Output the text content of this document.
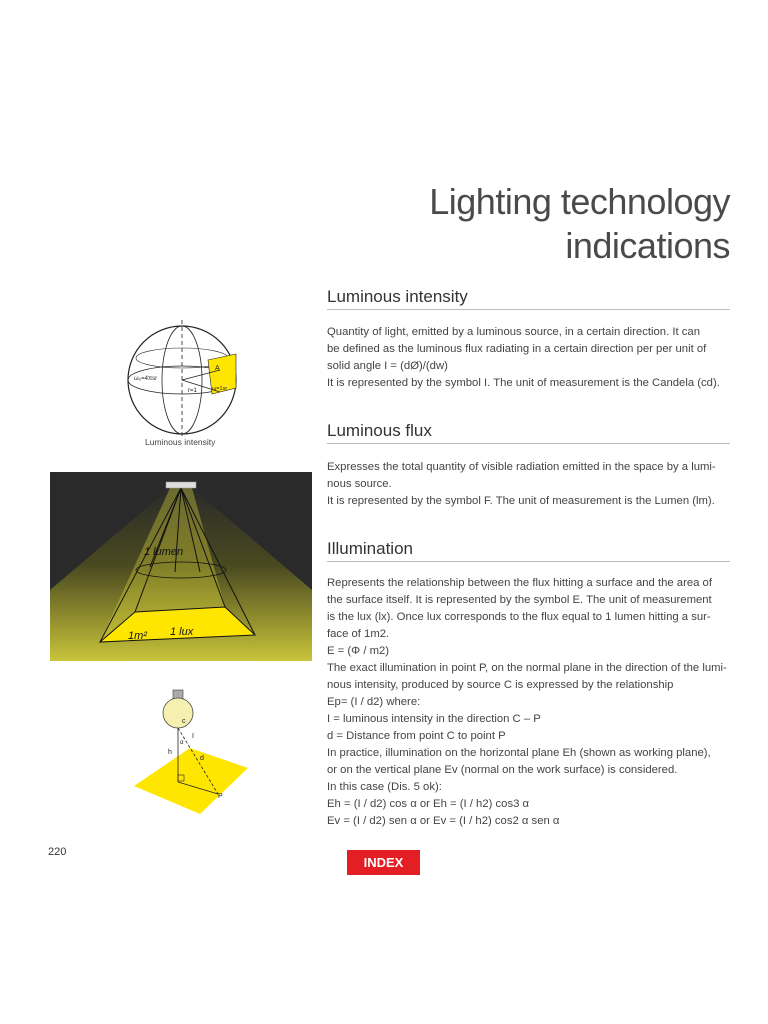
Lighting technology
indications
Luminous intensity
Quantity of light, emitted by a luminous source, in a certain direction. It can
be defined as the luminous flux radiating in a certain direction per per unit of
solid angle I = (dØ)/(dw)
It is represented by the symbol I. The unit of measurement is the Candela (cd).
Luminous flux
Expresses the total quantity of visible radiation emitted in the space by a lumi-
nous source.
It is represented by the symbol F. The unit of measurement is the Lumen (lm).
Illumination
Represents the relationship between the flux hitting a surface and the area of
the surface itself. It is represented by the symbol E. The unit of measurement
is the lux (lx). Once lux corresponds to the flux equal to 1 lumen hitting a sur-
face of 1m2.
E = (Φ / m2)
The exact illumination in point P, on the normal plane in the direction of the lumi-
nous intensity, produced by source C is expressed by the relationship
Ep= (I / d2) where:
I = luminous intensity in the direction C – P
d = Distance from point C to point P
In practice, illumination on the horizontal plane Eh (shown as working plane),
or on the vertical plane Ev (normal on the work surface) is considered.
In this case (Dis. 5 ok):
Eh = (I / d2) cos α or Eh = (I / h2) cos3 α
Ev = (I / d2) sen α or Ev = (I / h2) cos2 α sen α
ω₀=4πsr
r=1
A
ω=1sr
Luminous intensity
1 lumen
1m² 1 lux
c
α
h
I
d
P
220
INDEX
